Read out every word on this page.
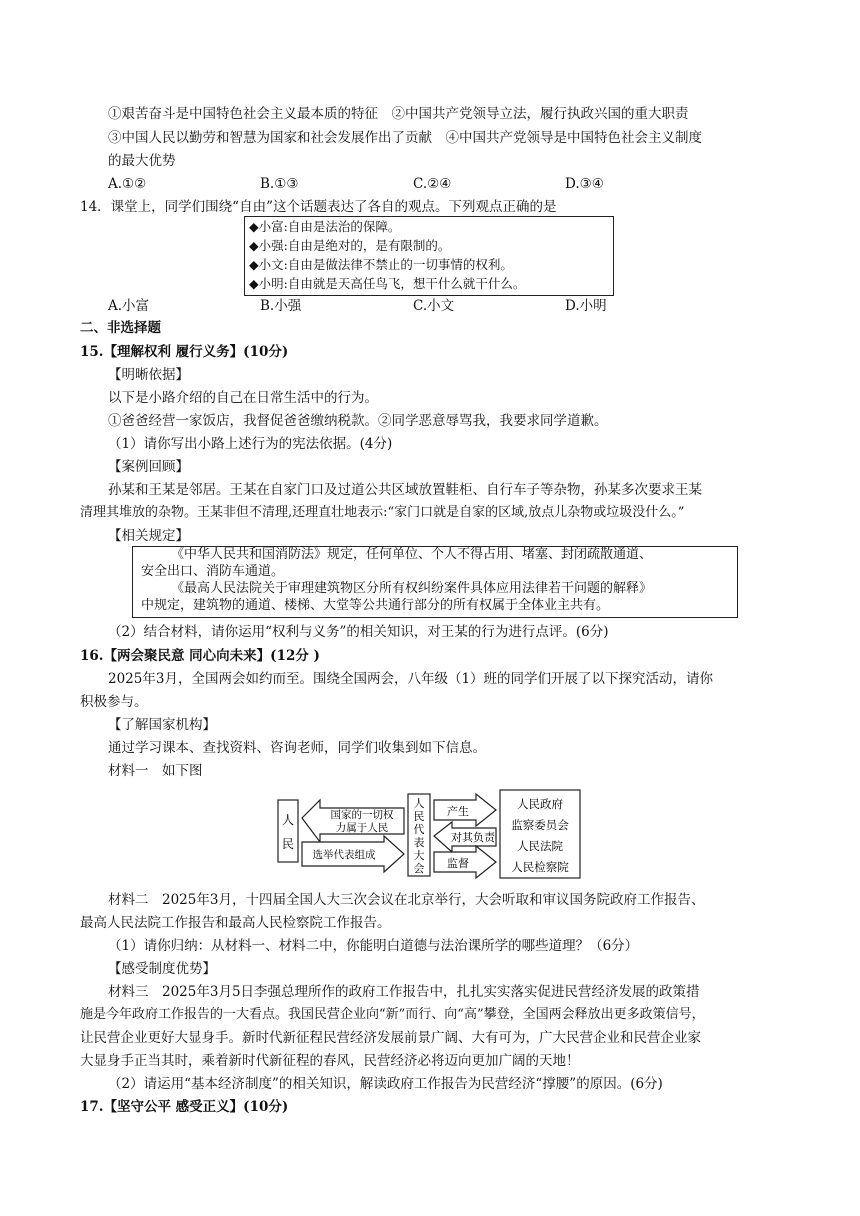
①艰苦奋斗是中国特色社会主义最本质的特征　②中国共产党领导立法，履行执政兴国的重大职责
③中国人民以勤劳和智慧为国家和社会发展作出了贡献　④中国共产党领导是中国特色社会主义制度
的最大优势
A.①②	B.①③	C.②④	D.③④
14．课堂上，同学们围绕“自由”这个话题表达了各自的观点。下列观点正确的是
◆小富:自由是法治的保障。
◆小强:自由是绝对的，是有限制的。
◆小文:自由是做法律不禁止的一切事情的权利。
◆小明:自由就是天高任鸟飞，想干什么就干什么。
A.小富	B.小强	C.小文	D.小明
二、非选择题
15.【理解权利 履行义务】(10分)
【明晰依据】
以下是小路介绍的自己在日常生活中的行为。
①爸爸经营一家饭店，我督促爸爸缴纳税款。②同学恶意辱骂我，我要求同学道歉。
（1）请你写出小路上述行为的宪法依据。(4分)
【案例回顾】
孙某和王某是邻居。王某在自家门口及过道公共区域放置鞋柜、自行车子等杂物，孙某多次要求王某
清理其堆放的杂物。王某非但不清理,还理直壮地表示:“家门口就是自家的区域,放点儿杂物或垃圾没什么。”
【相关规定】
《中华人民共和国消防法》规定，任何单位、个人不得占用、堵塞、封闭疏散通道、
安全出口、消防车通道。
《最高人民法院关于审理建筑物区分所有权纠纷案件具体应用法律若干问题的解释》
中规定，建筑物的通道、楼梯、大堂等公共通行部分的所有权属于全体业主共有。
（2）结合材料，请你运用“权利与义务”的相关知识，对王某的行为进行点评。(6分)
16.【两会聚民意 同心向未来】(12分 )
2025年3月，全国两会如约而至。围绕全国两会，八年级（1）班的同学们开展了以下探究活动，请你
积极参与。
【了解国家机构】
通过学习课本、查找资料、咨询老师，同学们收集到如下信息。
材料一　如下图
人
民
国家的一切权
力属于人民
选举代表组成
人
民
代
表
大
会
产生
对其负责
监督
人民政府
监察委员会
人民法院
人民检察院
材料二　2025年3月，十四届全国人大三次会议在北京举行，大会听取和审议国务院政府工作报告、
最高人民法院工作报告和最高人民检察院工作报告。
（1）请你归纳：从材料一、材料二中，你能明白道德与法治课所学的哪些道理？（6分）
【感受制度优势】
材料三　2025年3月5日李强总理所作的政府工作报告中，扎扎实实落实促进民营经济发展的政策措
施是今年政府工作报告的一大看点。我国民营企业向“新”而行、向“高”攀登，全国两会释放出更多政策信号，
让民营企业更好大显身手。新时代新征程民营经济发展前景广阔、大有可为，广大民营企业和民营企业家
大显身手正当其时，乘着新时代新征程的春风，民营经济必将迈向更加广阔的天地！
（2）请运用“基本经济制度”的相关知识，解读政府工作报告为民营经济“撑腰”的原因。(6分)
17.【坚守公平 感受正义】(10分)
